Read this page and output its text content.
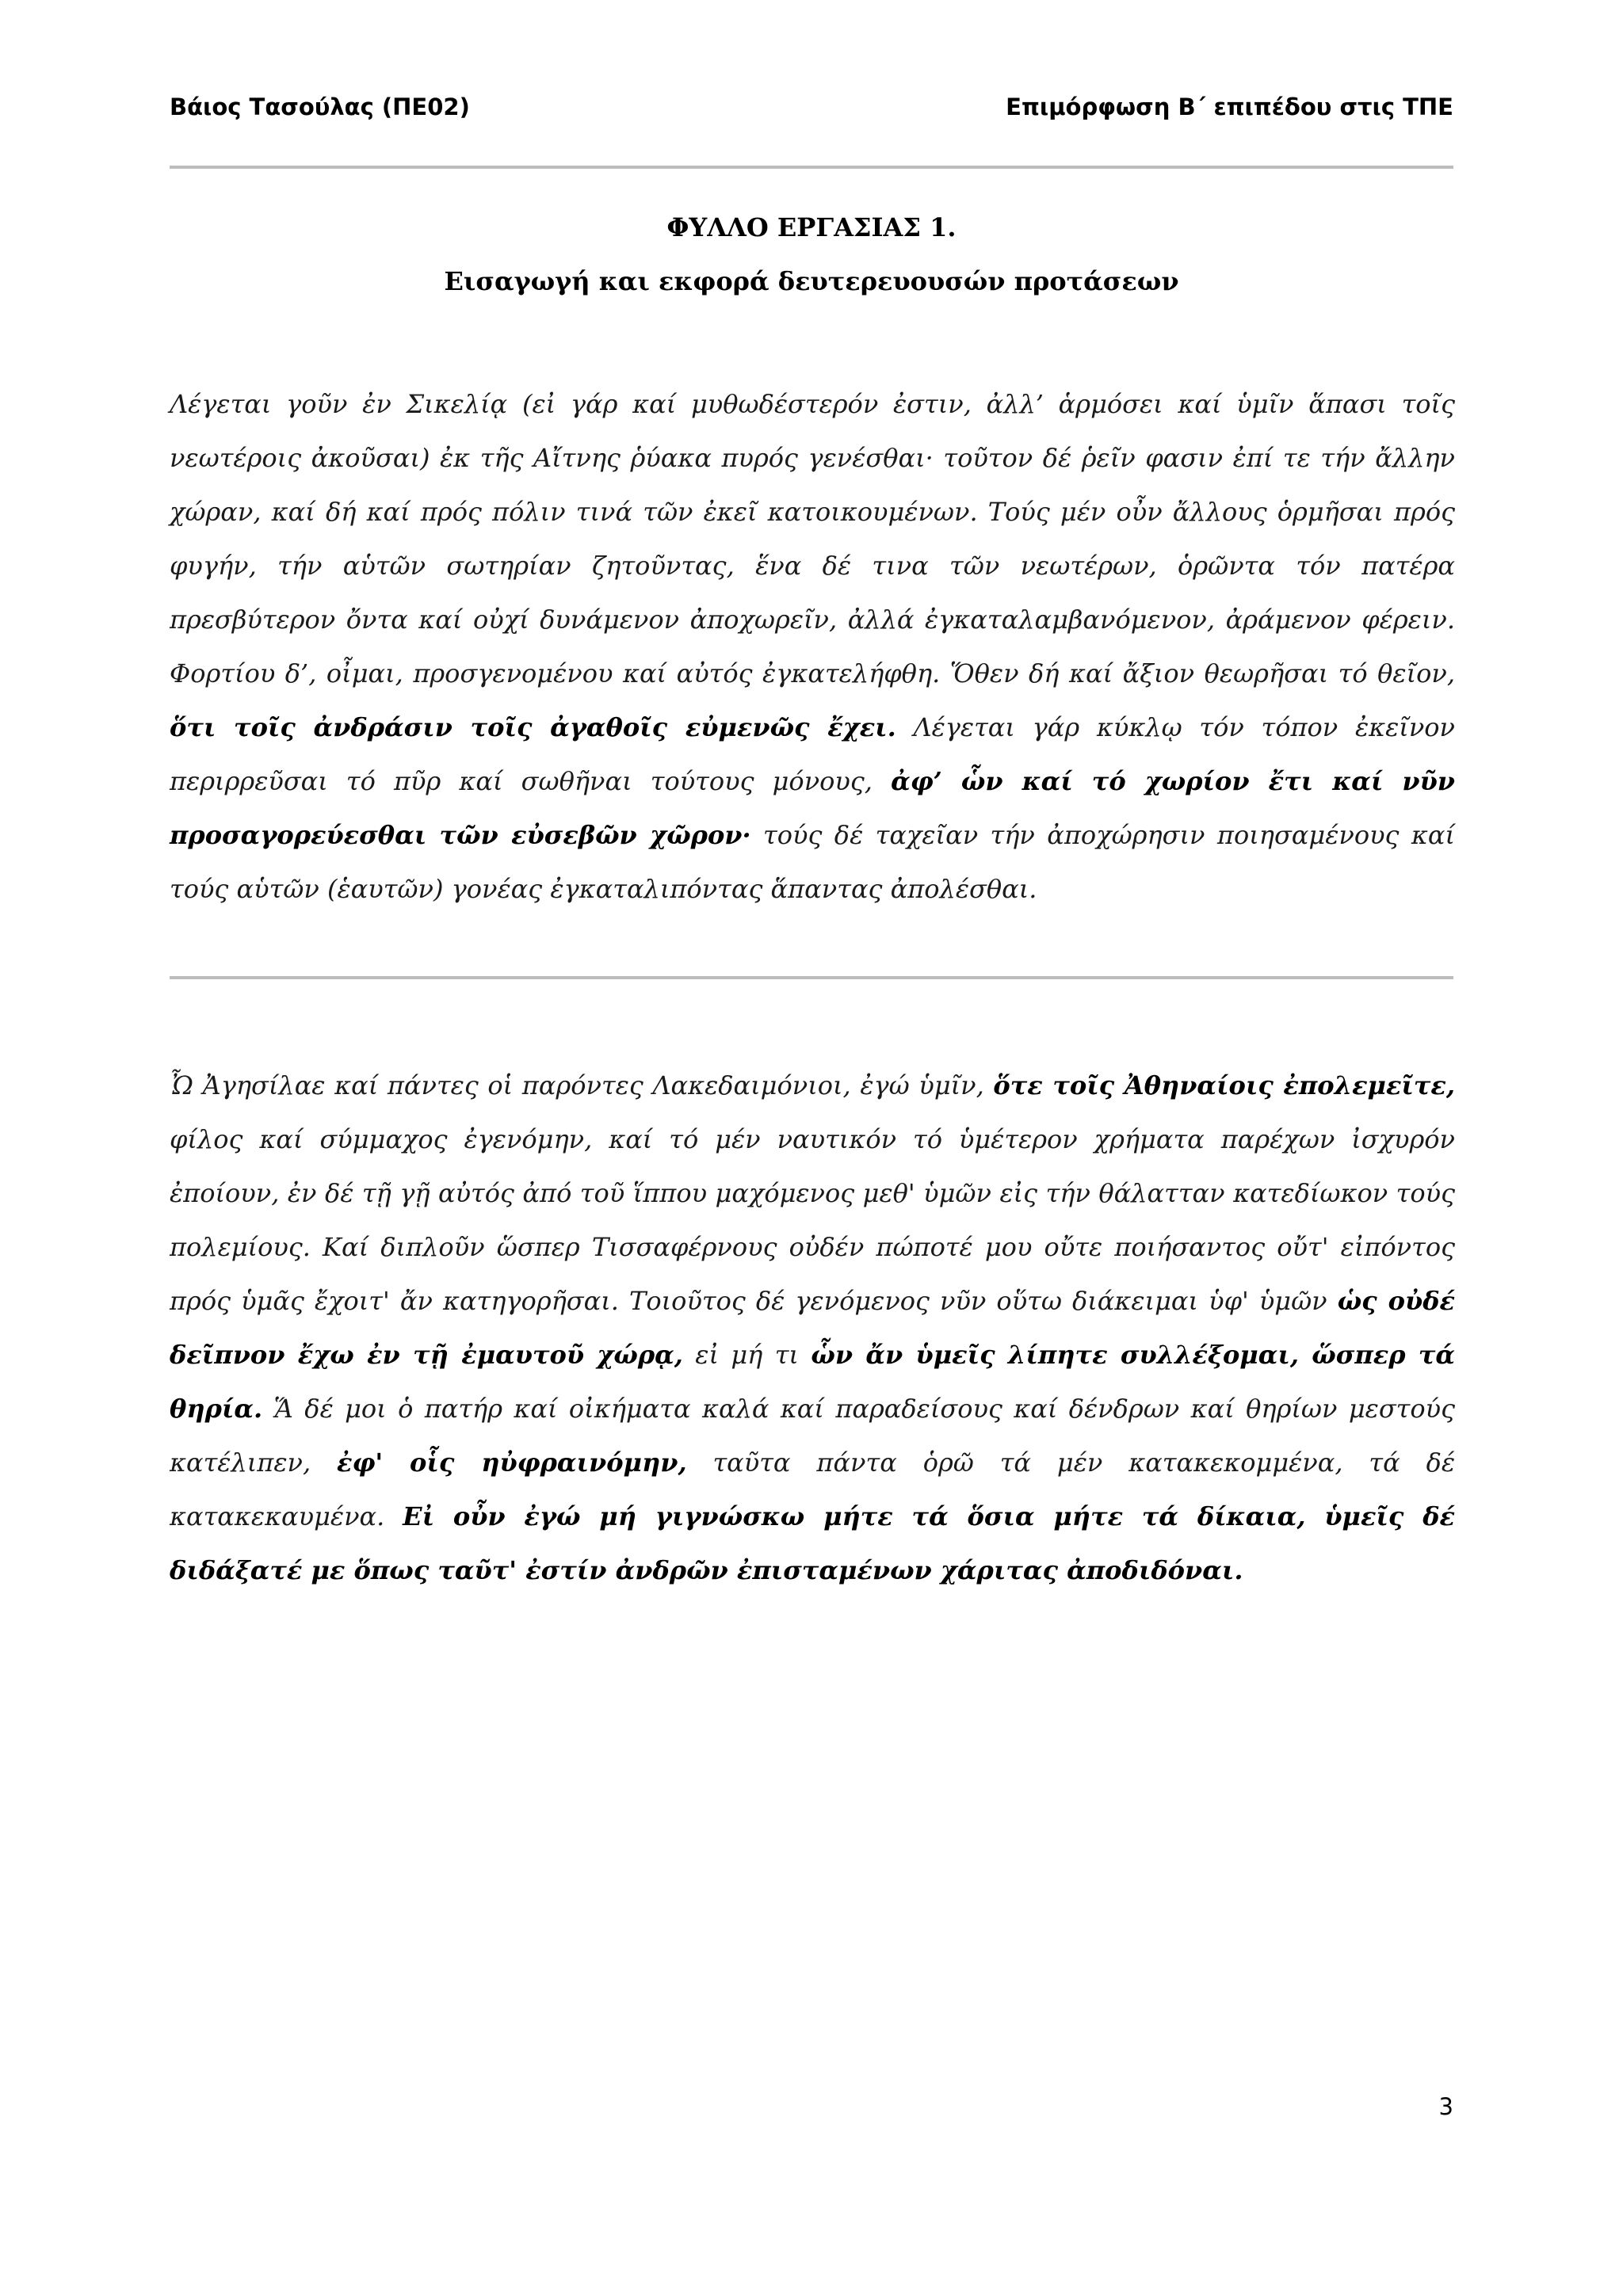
Βάιος Τασούλας (ΠΕ02)	Επιμόρφωση Β΄ επιπέδου στις ΤΠΕ
ΦΥΛΛΟ ΕΡΓΑΣΙΑΣ 1.
Εισαγωγή και εκφορά δευτερευουσών προτάσεων
Λέγεται γοῦν ἐν Σικελίᾳ (εἰ γάρ καί μυθωδέστερόν ἐστιν, ἀλλ’ ἁρμόσει καί ὑμῖν ἅπασι τοῖς νεωτέροις ἀκοῦσαι) ἐκ τῆς Αἴτνης ῥύακα πυρός γενέσθαι· τοῦτον δέ ῥεῖν φασιν ἐπί τε τήν ἄλλην χώραν, καί δή καί πρός πόλιν τινά τῶν ἐκεῖ κατοικουμένων. Τούς μέν οὖν ἄλλους ὁρμῆσαι πρός φυγήν, τήν αὑτῶν σωτηρίαν ζητοῦντας, ἕνα δέ τινα τῶν νεωτέρων, ὁρῶντα τόν πατέρα πρεσβύτερον ὄντα καί οὐχί δυνάμενον ἀποχωρεῖν, ἀλλά ἐγκαταλαμβανόμενον, ἀράμενον φέρειν. Φορτίου δ’, οἶμαι, προσγενομένου καί αὐτός ἐγκατελήφθη. Ὅθεν δή καί ἄξιον θεωρῆσαι τό θεῖον, ὅτι τοῖς ἀνδράσιν τοῖς ἀγαθοῖς εὐμενῶς ἔχει. Λέγεται γάρ κύκλῳ τόν τόπον ἐκεῖνον περιρρεῦσαι τό πῦρ καί σωθῆναι τούτους μόνους, ἀφ’ ὧν καί τό χωρίον ἔτι καί νῦν προσαγορεύεσθαι τῶν εὐσεβῶν χῶρον· τούς δέ ταχεῖαν τήν ἀποχώρησιν ποιησαμένους καί τούς αὑτῶν (ἑαυτῶν) γονέας ἐγκαταλιπόντας ἅπαντας ἀπολέσθαι.
Ὦ Ἀγησίλαε καί πάντες οἱ παρόντες Λακεδαιμόνιοι, ἐγώ ὑμῖν, ὅτε τοῖς Ἀθηναίοις ἐπολεμεῖτε, φίλος καί σύμμαχος ἐγενόμην, καί τό μέν ναυτικόν τό ὑμέτερον χρήματα παρέχων ἰσχυρόν ἐποίουν, ἐν δέ τῇ γῇ αὐτός ἀπό τοῦ ἵππου μαχόμενος μεθ' ὑμῶν εἰς τήν θάλατταν κατεδίωκον τούς πολεμίους. Καί διπλοῦν ὥσπερ Τισσαφέρνους οὐδέν πώποτέ μου οὔτε ποιήσαντος οὔτ' εἰπόντος πρός ὑμᾶς ἔχοιτ' ἄν κατηγορῆσαι. Τοιοῦτος δέ γενόμενος νῦν οὕτω διάκειμαι ὑφ' ὑμῶν ὡς οὐδέ δεῖπνον ἔχω ἐν τῇ ἐμαυτοῦ χώρᾳ, εἰ μή τι ὧν ἄν ὑμεῖς λίπητε συλλέξομαι, ὥσπερ τά θηρία. Ἅ δέ μοι ὁ πατήρ καί οἰκήματα καλά καί παραδείσους καί δένδρων καί θηρίων μεστούς κατέλιπεν, ἐφ' οἷς ηὐφραινόμην, ταῦτα πάντα ὁρῶ τά μέν κατακεκομμένα, τά δέ κατακεκαυμένα. Εἰ οὖν ἐγώ μή γιγνώσκω μήτε τά ὅσια μήτε τά δίκαια, ὑμεῖς δέ διδάξατέ με ὅπως ταῦτ' ἐστίν ἀνδρῶν ἐπισταμένων χάριτας ἀποδιδόναι.
3
